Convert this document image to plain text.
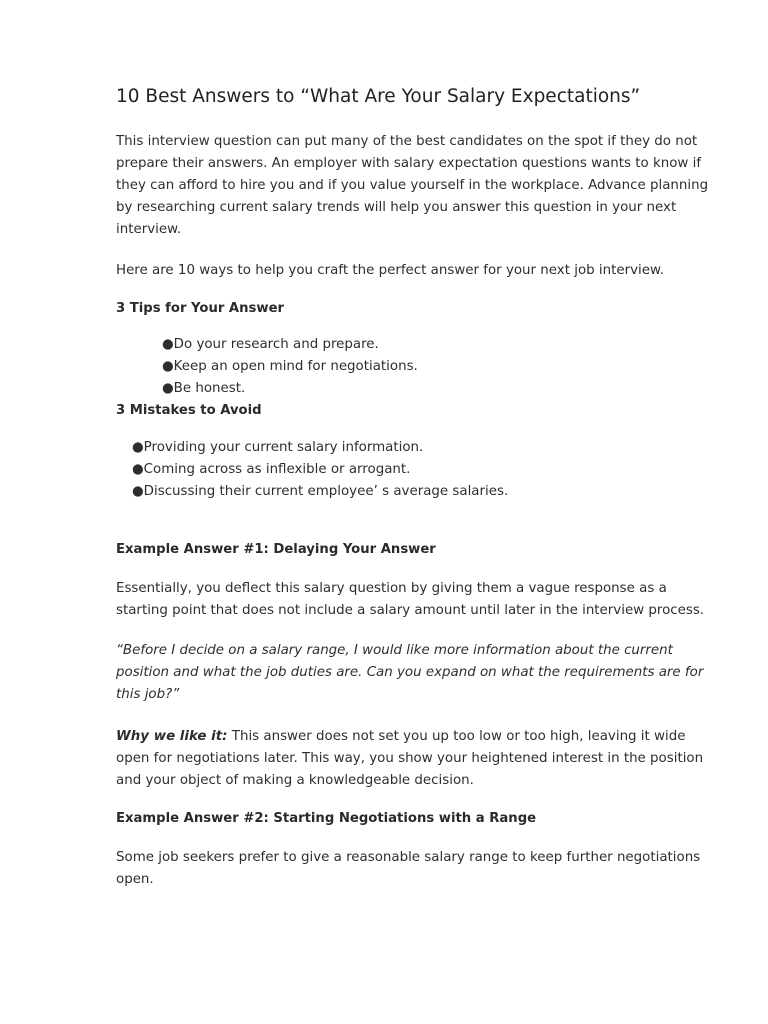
10 Best Answers to “What Are Your Salary Expectations”
This interview question can put many of the best candidates on the spot if they do not
prepare their answers. An employer with salary expectation questions wants to know if
they can afford to hire you and if you value yourself in the workplace. Advance planning
by researching current salary trends will help you answer this question in your next
interview.
Here are 10 ways to help you craft the perfect answer for your next job interview.
3 Tips for Your Answer
●Do your research and prepare.
●Keep an open mind for negotiations.
●Be honest.
3 Mistakes to Avoid
●Providing your current salary information.
●Coming across as inflexible or arrogant.
●Discussing their current employee’ s average salaries.
Example Answer #1: Delaying Your Answer
Essentially, you deflect this salary question by giving them a vague response as a
starting point that does not include a salary amount until later in the interview process.
“Before I decide on a salary range, I would like more information about the current
position and what the job duties are. Can you expand on what the requirements are for
this job?”
Why we like it: This answer does not set you up too low or too high, leaving it wide
open for negotiations later. This way, you show your heightened interest in the position
and your object of making a knowledgeable decision.
Example Answer #2: Starting Negotiations with a Range
Some job seekers prefer to give a reasonable salary range to keep further negotiations
open.
